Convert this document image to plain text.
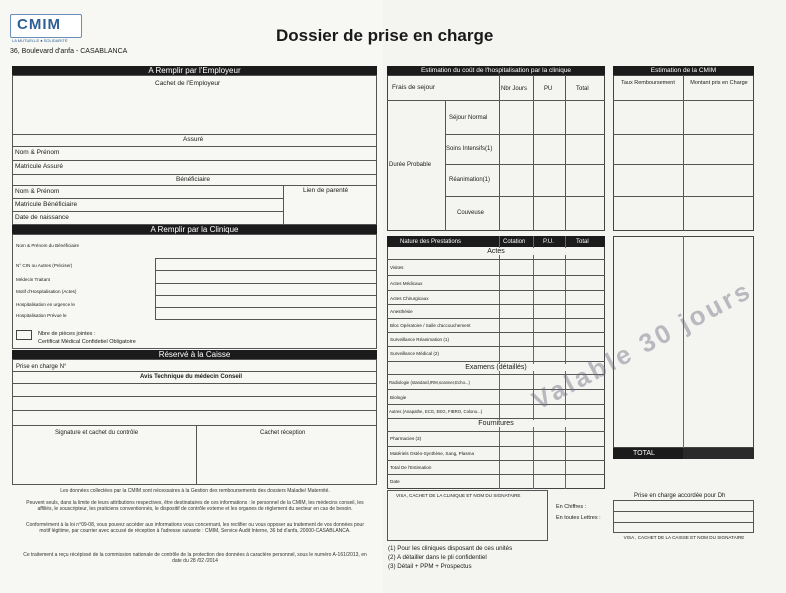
CMIM
LA MUTUELLE ● SOLIDARITÉ
36, Boulevard d'anfa - CASABLANCA
Dossier de prise en charge
A Remplir par l'Employeur
Cachet de l'Employeur
Assuré
Nom & Prénom
Matricule Assuré
Bénéficiaire
Nom & Prénom	Lien de parenté
Matricule Bénéficiaire
Date de naissance
A Remplir par la Clinique
Nom & Prénom du Bénéficiaire
N° CIN ou Autres (Préciser)
Médecin Traitant
Motif d'Hospitalisation (Actes)
Hospitalisation en urgence le
Hospitalisation Prévue le
Nbre de pièces jointes :
Certificat Médical Confidetiel Obligatoire
Réservé à la Caisse
Prise en charge N°
Avis Technique du médecin Conseil
Signature et cachet du contrôle	Cachet réception
Les données collectées par la CMIM sont nécessaires à la Gestion des remboursements des dossiers Maladie/ Maternité.
Peuvent seuls, dans la limite de leurs attributions respectives, être destinataires de ces informations : le personnel de la CMIM, les médecins conseil, les affiliés, le souscripteur, les praticiens conventionnés, le dispositif de contrôle externe et les organes de règlement du secteur en cas de besoin.
Conformément à la loi n°09-08, vous pouvez accéder aux informations vous concernant, les rectifier ou vous opposer au traitement de vos données pour motif légitime, par courrier avec accusé de réception à l'adresse suivante : CMIM, Service Audit Interne, 36 bd d'anfa, 20000-CASABLANCA.
Ce traitement a reçu récépissé de la commission nationale de contrôle de la protection des données à caractère personnel, sous le numéro A-161/2013, en date du 28 /02 /2014
Estimation du coût de l'hospitalisation par la clinique
Frais de sejour	Nbr Jours	PU	Total
Durée Probable
Séjour Normal
Soins Intensifs(1)
Réanimation(1)
Couveuse
Estimation de la CMIM
Taux Remboursement	Montant pris en Charge
Nature des Prestations	Cotation	P.U.	Total
Actes
Visites
Actes Médicaux
Actes Chirurgicaux
Anesthésie
Bloc Opératoire / Salle d'accouchement
Surveillance Réanimation (1)
Surveillance Médical (2)
Examens (détaillés)
Radiologie (standard,IRM,scanner,Echo...)
Biologie
Autres (Anapathe, ECG, EEG, FIBRO, Colono...)
Fournitures
Pharmacies (3)
Matériels Ostéo-Synthèse, Sang, Plasma
Total De l'Estimation
Date
TOTAL
Prise en charge accordée pour Dh
VISA , CACHET DE LA CAISSE ET NOM DU SIGNATAIRE
VISA, CACHET DE LA CLINIQUE ET NOM DU SIGNATAIRE
En Chiffres :
En toutes Lettres :
(1) Pour les cliniques disposant de ces unités
(2) A détailler dans le pli confidentiel
(3) Détail + PPM + Prospectus
Valable 30 jours
